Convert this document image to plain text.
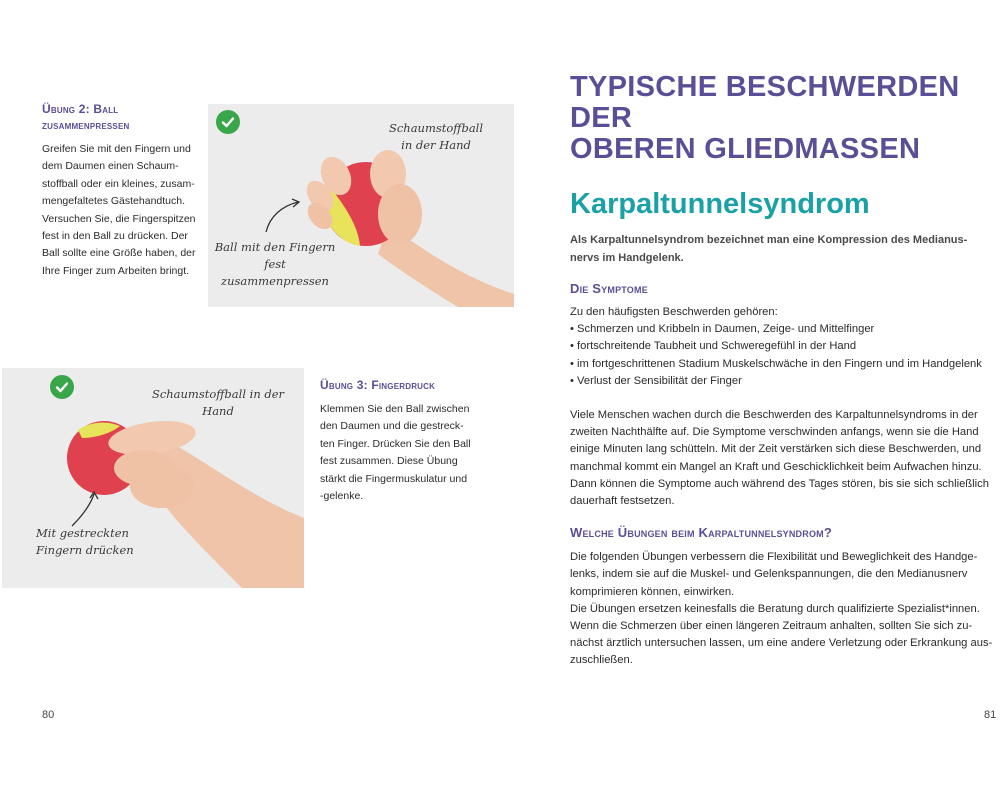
Übung 2: Ball
zusammenpressen
Greifen Sie mit den Fingern und
dem Daumen einen Schaum-
stoffball oder ein kleines, zusam-
mengefaltetes Gästehandtuch.
Versuchen Sie, die Fingerspitzen
fest in den Ball zu drücken. Der
Ball sollte eine Größe haben, der
Ihre Finger zum Arbeiten bringt.
Schaumstoffball
in der Hand
Ball mit den Fingern
fest zusammenpressen
Schaumstoffball in der Hand
Mit gestreckten
Fingern drücken
Übung 3: Fingerdruck
Klemmen Sie den Ball zwischen
den Daumen und die gestreck-
ten Finger. Drücken Sie den Ball
fest zusammen. Diese Übung
stärkt die Fingermuskulatur und
-gelenke.
80
TYPISCHE BESCHWERDEN DER
OBEREN GLIEDMASSEN
Karpaltunnelsyndrom
Als Karpaltunnelsyndrom bezeichnet man eine Kompression des Medianus-
nervs im Handgelenk.
Die Symptome
Zu den häufigsten Beschwerden gehören:
• Schmerzen und Kribbeln in Daumen, Zeige- und Mittelfinger
• fortschreitende Taubheit und Schweregefühl in der Hand
• im fortgeschrittenen Stadium Muskelschwäche in den Fingern und im Handgelenk
• Verlust der Sensibilität der Finger
Viele Menschen wachen durch die Beschwerden des Karpaltunnelsyndroms in der
zweiten Nachthälfte auf. Die Symptome verschwinden anfangs, wenn sie die Hand
einige Minuten lang schütteln. Mit der Zeit verstärken sich diese Beschwerden, und
manchmal kommt ein Mangel an Kraft und Geschicklichkeit beim Aufwachen hinzu.
Dann können die Symptome auch während des Tages stören, bis sie sich schließlich
dauerhaft festsetzen.
Welche Übungen beim Karpaltunnelsyndrom?
Die folgenden Übungen verbessern die Flexibilität und Beweglichkeit des Handge-
lenks, indem sie auf die Muskel- und Gelenkspannungen, die den Medianusnerv
komprimieren können, einwirken.
Die Übungen ersetzen keinesfalls die Beratung durch qualifizierte Spezialist*innen.
Wenn die Schmerzen über einen längeren Zeitraum anhalten, sollten Sie sich zu-
nächst ärztlich untersuchen lassen, um eine andere Verletzung oder Erkrankung aus-
zuschließen.
81
